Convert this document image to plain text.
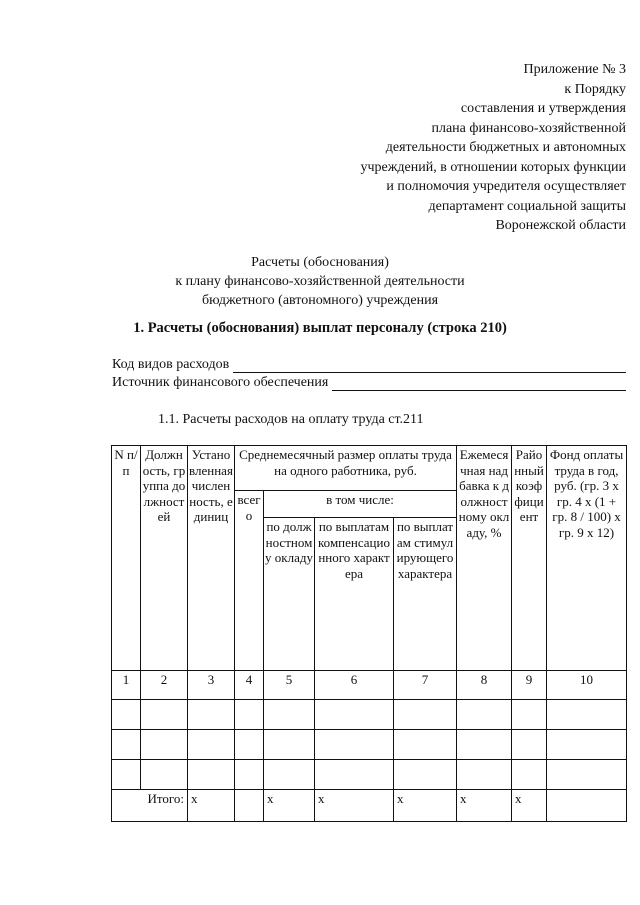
Приложение № 3
к Порядку
составления и утверждения
плана финансово-хозяйственной
деятельности бюджетных и автономных
учреждений, в отношении которых функции
и полномочия учредителя осуществляет
департамент социальной защиты
Воронежской области
Расчеты (обоснования)
к плану финансово-хозяйственной деятельности
бюджетного (автономного) учреждения
1. Расчеты (обоснования) выплат персоналу (строка 210)
Код видов расходов
Источник финансового обеспечения
1.1. Расчеты расходов на оплату труда ст.211
N п/п	Должность, группа должностей	Установленная численность, единиц	Среднемесячный размер оплаты труда на одного работника, руб.				Ежемесячная надбавка к должностному окладу, %	Районный коэффициент	Фонд оплаты труда в год, руб. (гр. 3 x гр. 4 x (1 + гр. 8 / 100) x гр. 9 x 12)
			всего	в том числе:					
				по должностному окладу	по выплатам компенсационного характера	по выплатам стимулирующего характера			
1	2	3	4	5	6	7	8	9	10

Итого:		x		x	x	x	x	x	
